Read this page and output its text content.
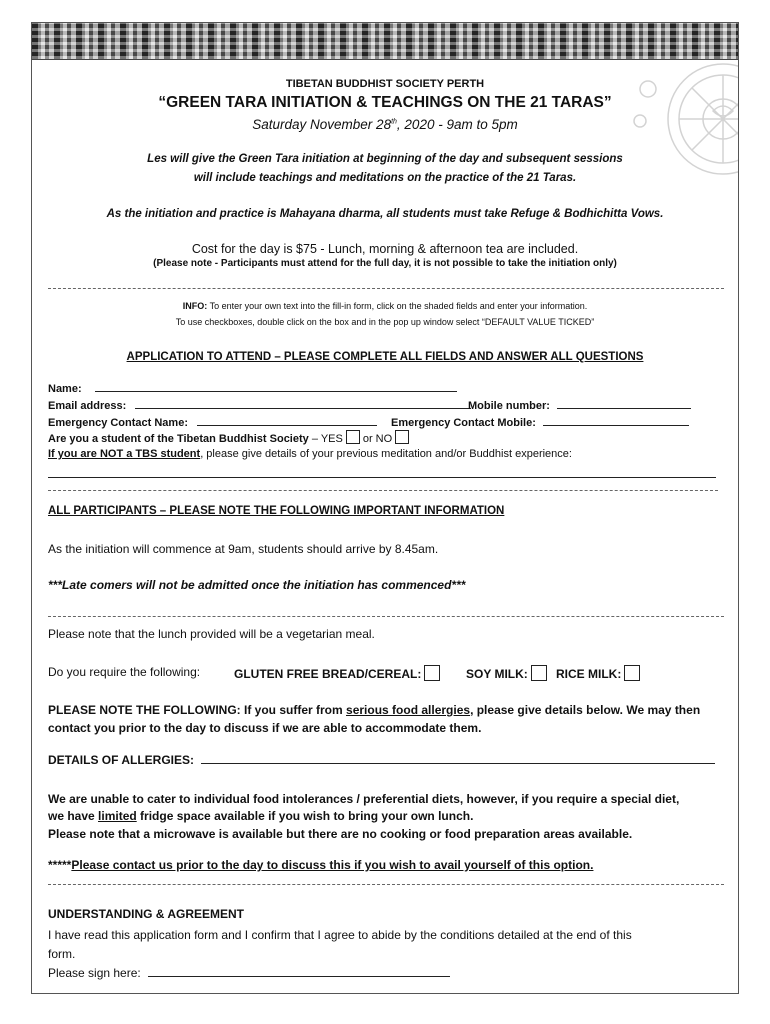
TIBETAN BUDDHIST SOCIETY PERTH
“GREEN TARA INITIATION & TEACHINGS ON THE 21 TARAS”
Saturday November 28th, 2020 - 9am to 5pm
Les will give the Green Tara initiation at beginning of the day and subsequent sessions
will include teachings and meditations on the practice of the 21 Taras.
As the initiation and practice is Mahayana dharma, all students must take Refuge & Bodhichitta Vows.
Cost for the day is $75 - Lunch, morning & afternoon tea are included.
(Please note - Participants must attend for the full day, it is not possible to take the initiation only)
INFO: To enter your own text into the fill-in form, click on the shaded fields and enter your information.
To use checkboxes, double click on the box and in the pop up window select “DEFAULT VALUE TICKED”
APPLICATION TO ATTEND – PLEASE COMPLETE ALL FIELDS AND ANSWER ALL QUESTIONS
Name:
Email address:	Mobile number:
Emergency Contact Name:	Emergency Contact Mobile:
Are you a student of the Tibetan Buddhist Society – YES or NO
If you are NOT a TBS student, please give details of your previous meditation and/or Buddhist experience:
ALL PARTICIPANTS – PLEASE NOTE THE FOLLOWING IMPORTANT INFORMATION
As the initiation will commence at 9am, students should arrive by 8.45am.
***Late comers will not be admitted once the initiation has commenced***
Please note that the lunch provided will be a vegetarian meal.
Do you require the following:	GLUTEN FREE BREAD/CEREAL:	SOY MILK:	RICE MILK:
PLEASE NOTE THE FOLLOWING: If you suffer from serious food allergies, please give details below. We may then
contact you prior to the day to discuss if we are able to accommodate them.
DETAILS OF ALLERGIES:
We are unable to cater to individual food intolerances / preferential diets, however, if you require a special diet,
we have limited fridge space available if you wish to bring your own lunch.
Please note that a microwave is available but there are no cooking or food preparation areas available.
*****Please contact us prior to the day to discuss this if you wish to avail yourself of this option.
UNDERSTANDING & AGREEMENT
I have read this application form and I confirm that I agree to abide by the conditions detailed at the end of this
form.
Please sign here:
